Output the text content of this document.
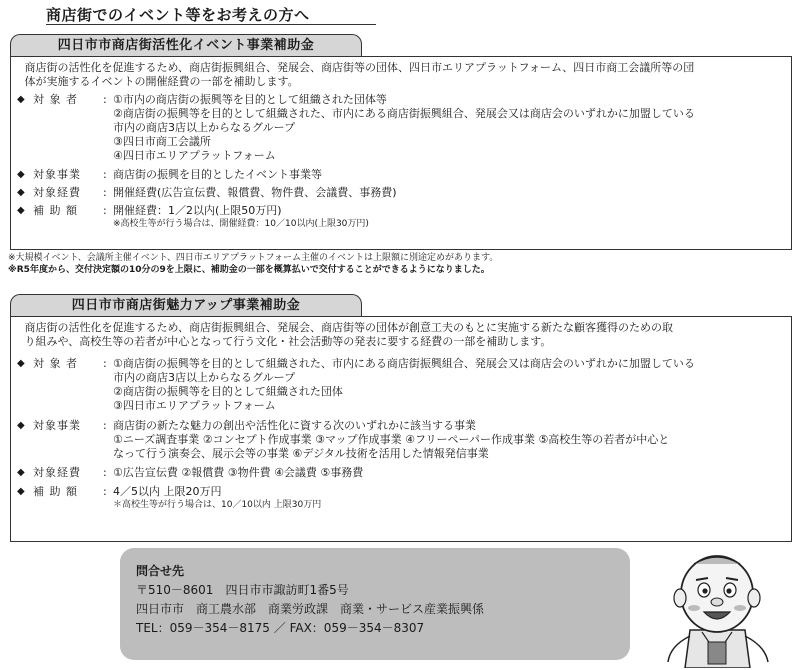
商店街でのイベント等をお考えの方へ
四日市市商店街活性化イベント事業補助金
商店街の活性化を促進するため、商店街振興組合、発展会、商店街等の団体、四日市エリアプラットフォーム、四日市商工会議所等の団
体が実施するイベントの開催経費の一部を補助します。
◆ 対 象 者 : ①市内の商店街の振興等を目的として組織された団体等
②商店街の振興等を目的として組織された、市内にある商店街振興組合、発展会又は商店会のいずれかに加盟している
市内の商店3店以上からなるグループ
③四日市商工会議所
④四日市エリアプラットフォーム
◆ 対象事業 : 商店街の振興を目的としたイベント事業等
◆ 対象経費 : 開催経費(広告宣伝費、報償費、物件費、会議費、事務費)
◆ 補 助 額 : 開催経費：1／2以内(上限50万円)
※高校生等が行う場合は、開催経費：10／10以内(上限30万円)
※大規模イベント、会議所主催イベント、四日市エリアプラットフォーム主催のイベントは上限額に別途定めがあります。
※R5年度から、交付決定額の10分の9を上限に、補助金の一部を概算払いで交付することができるようになりました。
四日市市商店街魅力アップ事業補助金
商店街の活性化を促進するため、商店街振興組合、発展会、商店街等の団体が創意工夫のもとに実施する新たな顧客獲得のための取
り組みや、高校生等の若者が中心となって行う文化・社会活動等の発表に要する経費の一部を補助します。
◆ 対 象 者 : ①商店街の振興等を目的として組織された、市内にある商店街振興組合、発展会又は商店会のいずれかに加盟している
市内の商店3店以上からなるグループ
②商店街の振興等を目的として組織された団体
③四日市エリアプラットフォーム
◆ 対象事業 : 商店街の新たな魅力の創出や活性化に資する次のいずれかに該当する事業
①ニーズ調査事業 ②コンセプト作成事業 ③マップ作成事業 ④フリーペーパー作成事業 ⑤高校生等の若者が中心と
なって行う演奏会、展示会等の事業 ⑥デジタル技術を活用した情報発信事業
◆ 対象経費 : ①広告宣伝費 ②報償費 ③物件費 ④会議費 ⑤事務費
◆ 補 助 額 : 4／5以内 上限20万円
＊高校生等が行う場合は、10／10以内 上限30万円
問合せ先
〒510－8601　四日市市諏訪町1番5号
四日市市　商工農水部　商業労政課　商業・サービス産業振興係
TEL：059－354－8175 ／ FAX：059－354－8307
